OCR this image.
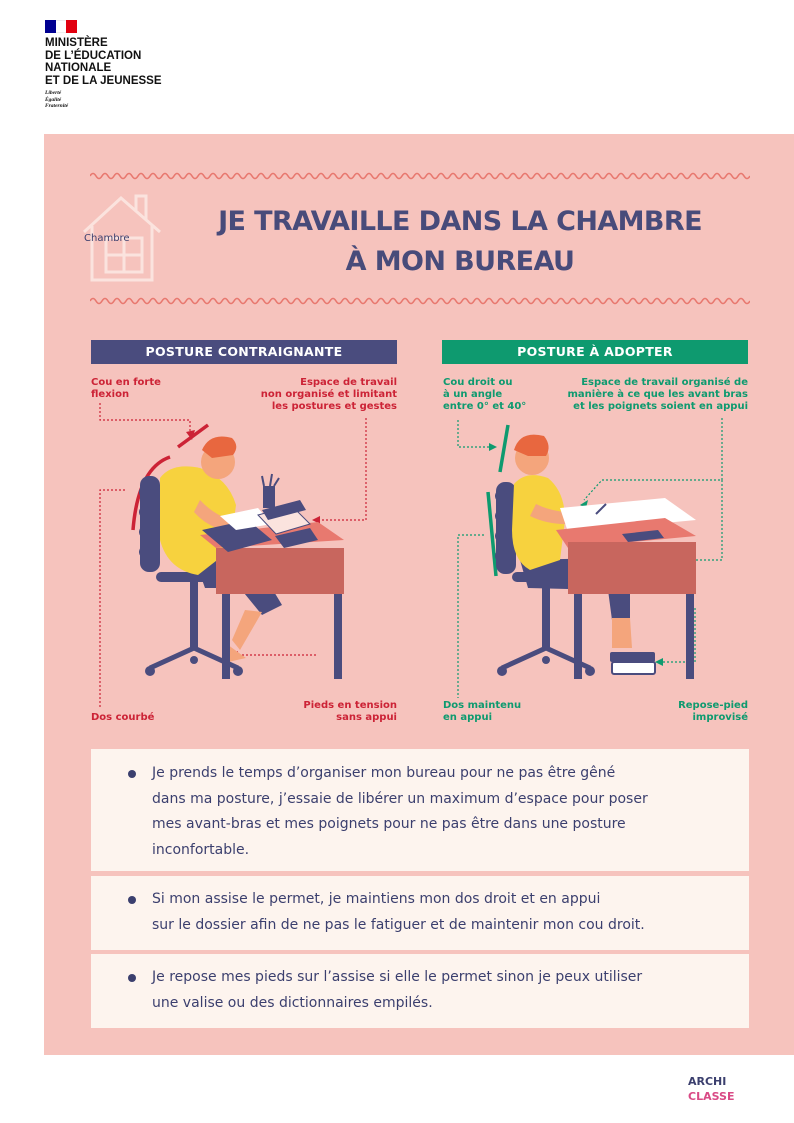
MINISTÈRE
DE L’ÉDUCATION
NATIONALE
ET DE LA JEUNESSE
Liberté
Égalité
Fraternité
Chambre
JE TRAVAILLE DANS LA CHAMBRE
À MON BUREAU
POSTURE CONTRAIGNANTE	POSTURE À ADOPTER
Cou en forte
flexion
Espace de travail
non organisé et limitant
les postures et gestes
Dos courbé
Pieds en tension
sans appui
Cou droit ou
à un angle
entre 0° et 40°
Espace de travail organisé de
manière à ce que les avant bras
et les poignets soient en appui
Dos maintenu
en appui
Repose-pied
improvisé
Je prends le temps d’organiser mon bureau pour ne pas être gêné
dans ma posture, j’essaie de libérer un maximum d’espace pour poser
mes avant-bras et mes poignets pour ne pas être dans une posture
inconfortable.
Si mon assise le permet, je maintiens mon dos droit et en appui
sur le dossier afin de ne pas le fatiguer et de maintenir mon cou droit.
Je repose mes pieds sur l’assise si elle le permet sinon je peux utiliser
une valise ou des dictionnaires empilés.
ARCHI
CLASSE
